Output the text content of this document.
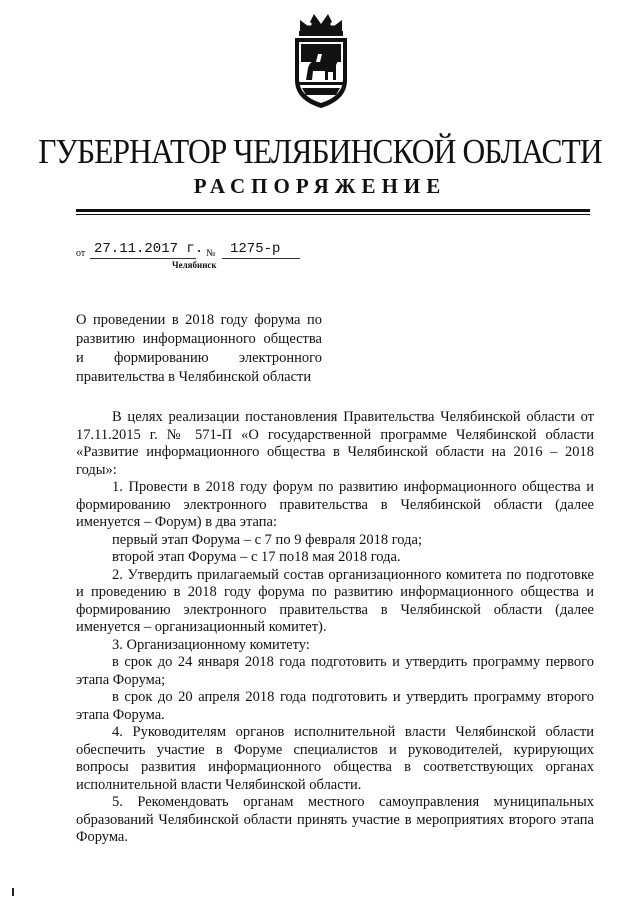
ГУБЕРНАТОР ЧЕЛЯБИНСКОЙ ОБЛАСТИ
РАСПОРЯЖЕНИЕ
от 27.11.2017 г. № 1275-р
Челябинск
О проведении в 2018 году форума по
развитию информационного общества
и формированию электронного
правительства в Челябинской области

В целях реализации постановления Правительства Челябинской области от 17.11.2015 г. № 571-П «О государственной программе Челябинской области «Развитие информационного общества в Челябинской области на 2016 – 2018 годы»:

1. Провести в 2018 году форум по развитию информационного общества и формированию электронного правительства в Челябинской области (далее именуется – Форум) в два этапа:

первый этап Форума – с 7 по 9 февраля 2018 года;

второй этап Форума – с 17 по18 мая 2018 года.

2. Утвердить прилагаемый состав организационного комитета по подготовке и проведению в 2018 году форума по развитию информационного общества и формированию электронного правительства в Челябинской области (далее именуется – организационный комитет).

3. Организационному комитету:

в срок до 24 января 2018 года подготовить и утвердить программу первого этапа Форума;

в срок до 20 апреля 2018 года подготовить и утвердить программу второго этапа Форума.

4. Руководителям органов исполнительной власти Челябинской области обеспечить участие в Форуме специалистов и руководителей, курирующих вопросы развития информационного общества в соответствующих органах исполнительной власти Челябинской области.

5. Рекомендовать органам местного самоуправления муниципальных образований Челябинской области принять участие в мероприятиях второго этапа Форума.
